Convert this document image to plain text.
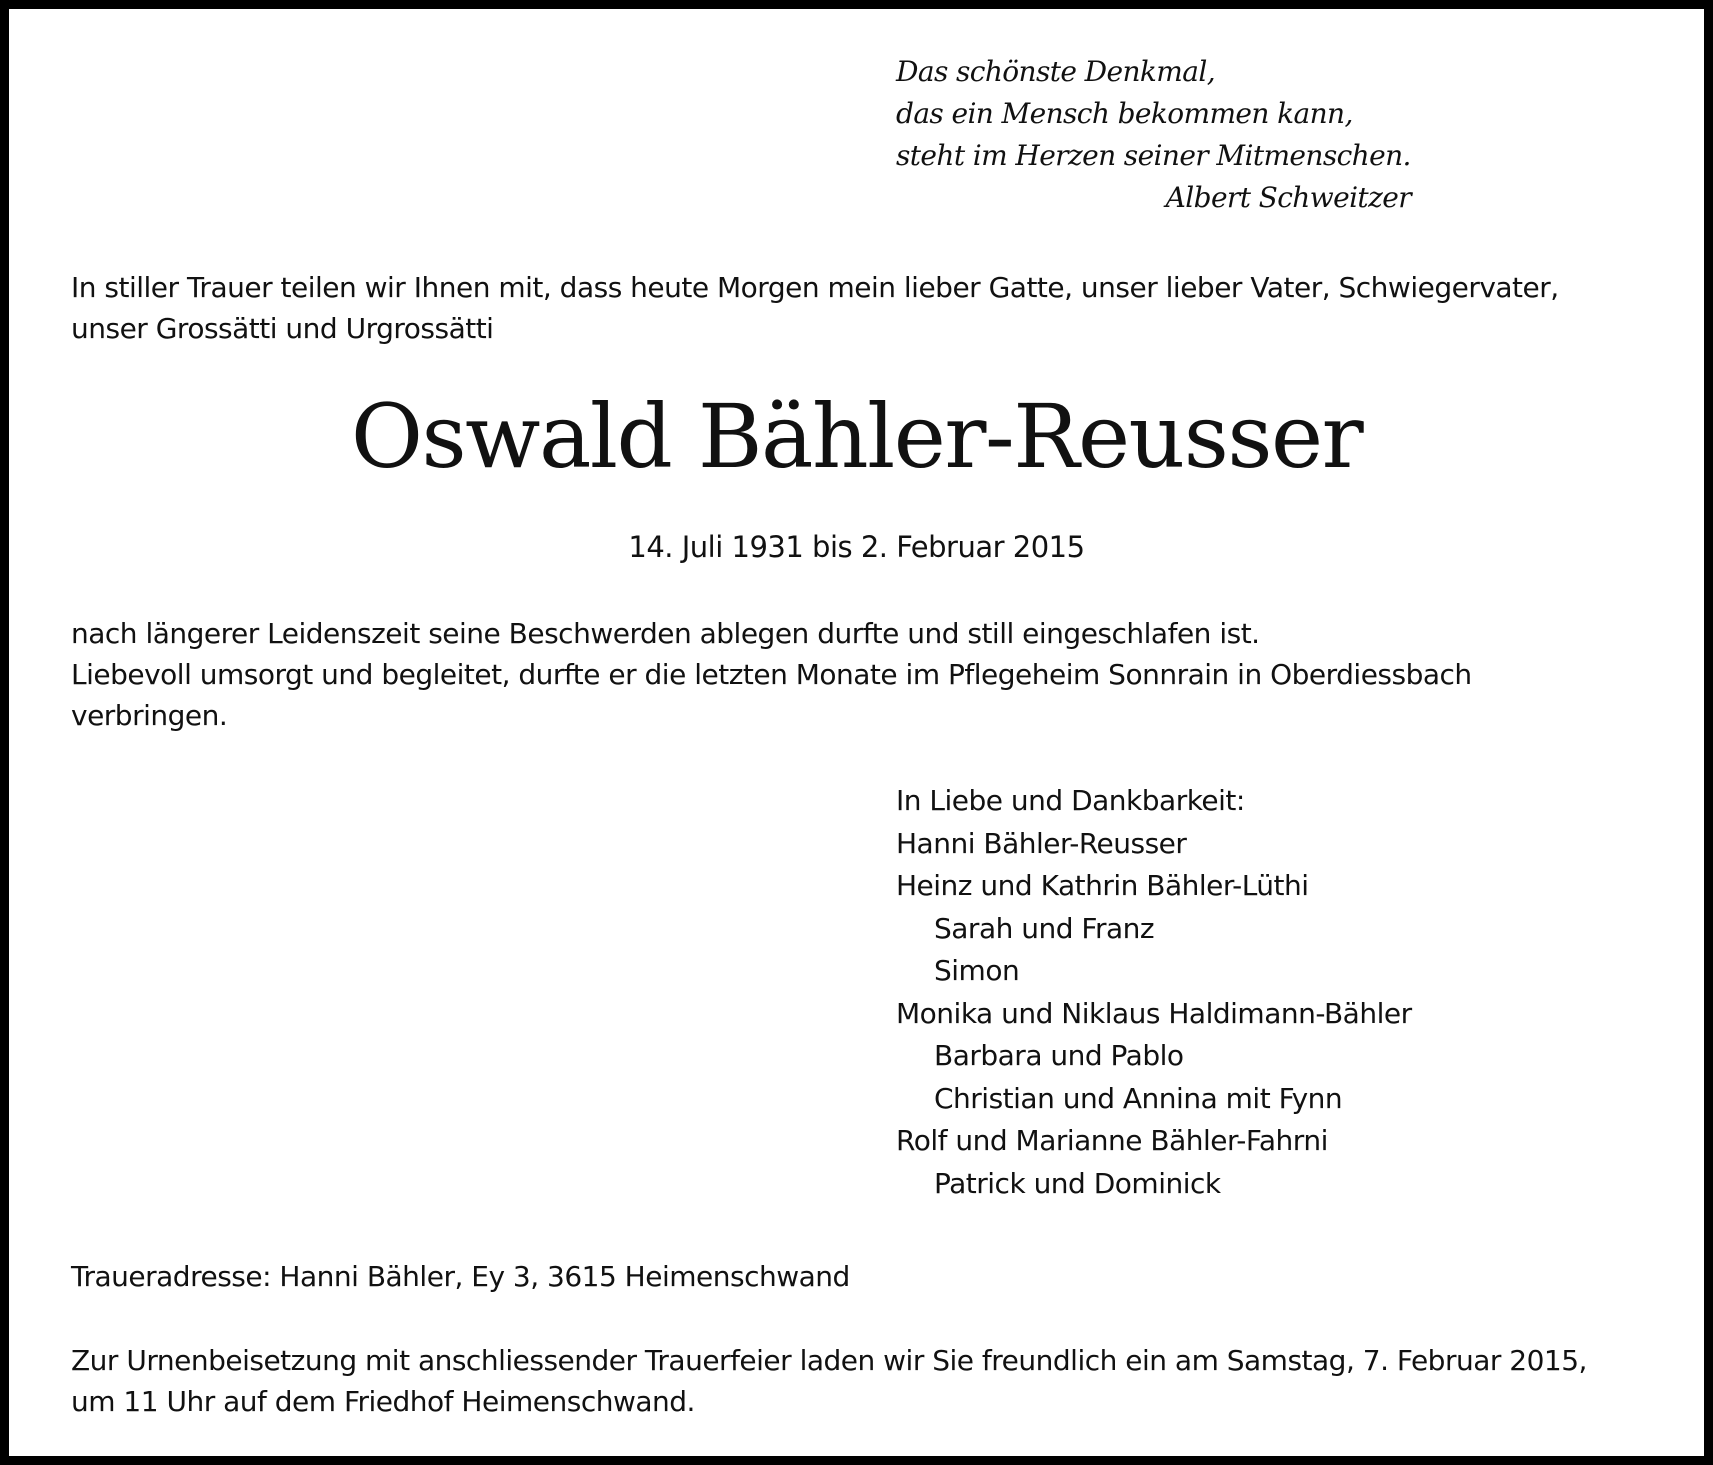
Das schönste Denkmal,
das ein Mensch bekommen kann,
steht im Herzen seiner Mitmenschen.
Albert Schweitzer
In stiller Trauer teilen wir Ihnen mit, dass heute Morgen mein lieber Gatte, unser lieber Vater, Schwiegervater,
unser Grossätti und Urgrossätti
Oswald Bähler-Reusser
14. Juli 1931 bis 2. Februar 2015
nach längerer Leidenszeit seine Beschwerden ablegen durfte und still eingeschlafen ist.
Liebevoll umsorgt und begleitet, durfte er die letzten Monate im Pflegeheim Sonnrain in Oberdiessbach
verbringen.
In Liebe und Dankbarkeit:
Hanni Bähler-Reusser
Heinz und Kathrin Bähler-Lüthi
Sarah und Franz
Simon
Monika und Niklaus Haldimann-Bähler
Barbara und Pablo
Christian und Annina mit Fynn
Rolf und Marianne Bähler-Fahrni
Patrick und Dominick
Traueradresse: Hanni Bähler, Ey 3, 3615 Heimenschwand
Zur Urnenbeisetzung mit anschliessender Trauerfeier laden wir Sie freundlich ein am Samstag, 7. Februar 2015,
um 11 Uhr auf dem Friedhof Heimenschwand.
